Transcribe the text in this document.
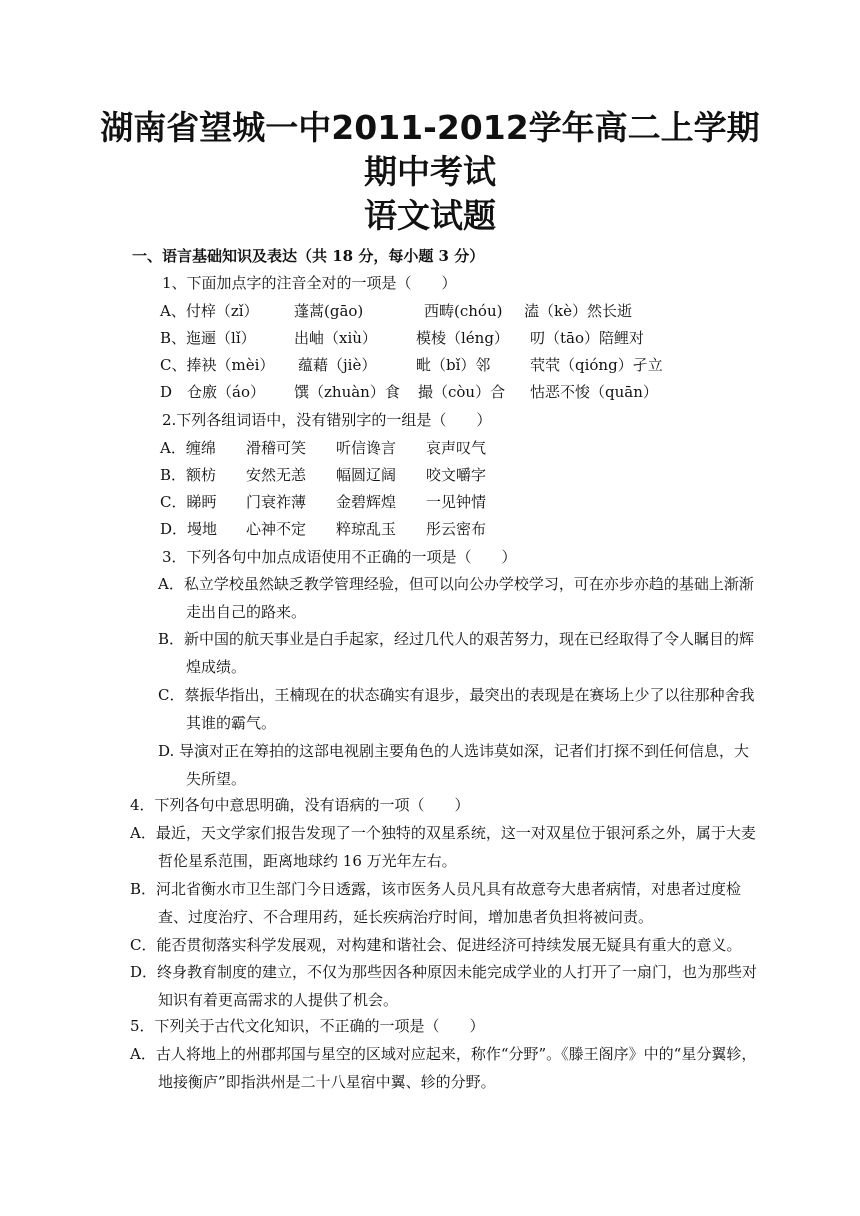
湖南省望城一中2011-2012学年高二上学期
期中考试
语文试题
一、语言基础知识及表达（共 18 分，每小题 3 分）
1、下面加点字的注音全对的一项是（　　）
A、付梓（zǐ） 蓬蒿(gāo)	西畴(chóu) 溘（kè）然长逝
B、迤逦（lǐ）	出岫（xiù）	模棱（léng） 叨（tāo）陪鲤对
C、捧袂（mèi） 蕴藉（jiè）	毗（bǐ）邻	茕茕（qióng）孑立
D　仓廒（áo） 馔（zhuàn）食 撮（còu）合 怙恶不悛（quān）
2.下列各组词语中，没有错别字的一组是（　　）
A．缠绵 滑稽可笑 听信谗言 哀声叹气
B．额枋 安然无恙 幅圆辽阔 咬文嚼字
C．睇眄 门衰祚薄 金碧辉煌 一见钟情
D．墁地 心神不定 粹琼乱玉 彤云密布
3．下列各句中加点成语使用不正确的一项是（　　）
A．私立学校虽然缺乏教学管理经验，但可以向公办学校学习，可在亦步亦趋的基础上渐渐走出自己的路来。
B．新中国的航天事业是白手起家，经过几代人的艰苦努力，现在已经取得了令人瞩目的辉煌成绩。
C．蔡振华指出，王楠现在的状态确实有退步，最突出的表现是在赛场上少了以往那种舍我其谁的霸气。
D. 导演对正在筹拍的这部电视剧主要角色的人选讳莫如深，记者们打探不到任何信息，大失所望。
4．下列各句中意思明确，没有语病的一项（　　）
A．最近，天文学家们报告发现了一个独特的双星系统，这一对双星位于银河系之外，属于大麦哲伦星系范围，距离地球约 16 万光年左右。
B．河北省衡水市卫生部门今日透露，该市医务人员凡具有故意夸大患者病情，对患者过度检查、过度治疗、不合理用药，延长疾病治疗时间，增加患者负担将被问责。
C．能否贯彻落实科学发展观，对构建和谐社会、促进经济可持续发展无疑具有重大的意义。
D．终身教育制度的建立，不仅为那些因各种原因未能完成学业的人打开了一扇门，也为那些对知识有着更高需求的人提供了机会。
5．下列关于古代文化知识，不正确的一项是（　　）
A．古人将地上的州郡邦国与星空的区域对应起来，称作“分野”。《滕王阁序》中的“星分翼轸，地接衡庐”即指洪州是二十八星宿中翼、轸的分野。
